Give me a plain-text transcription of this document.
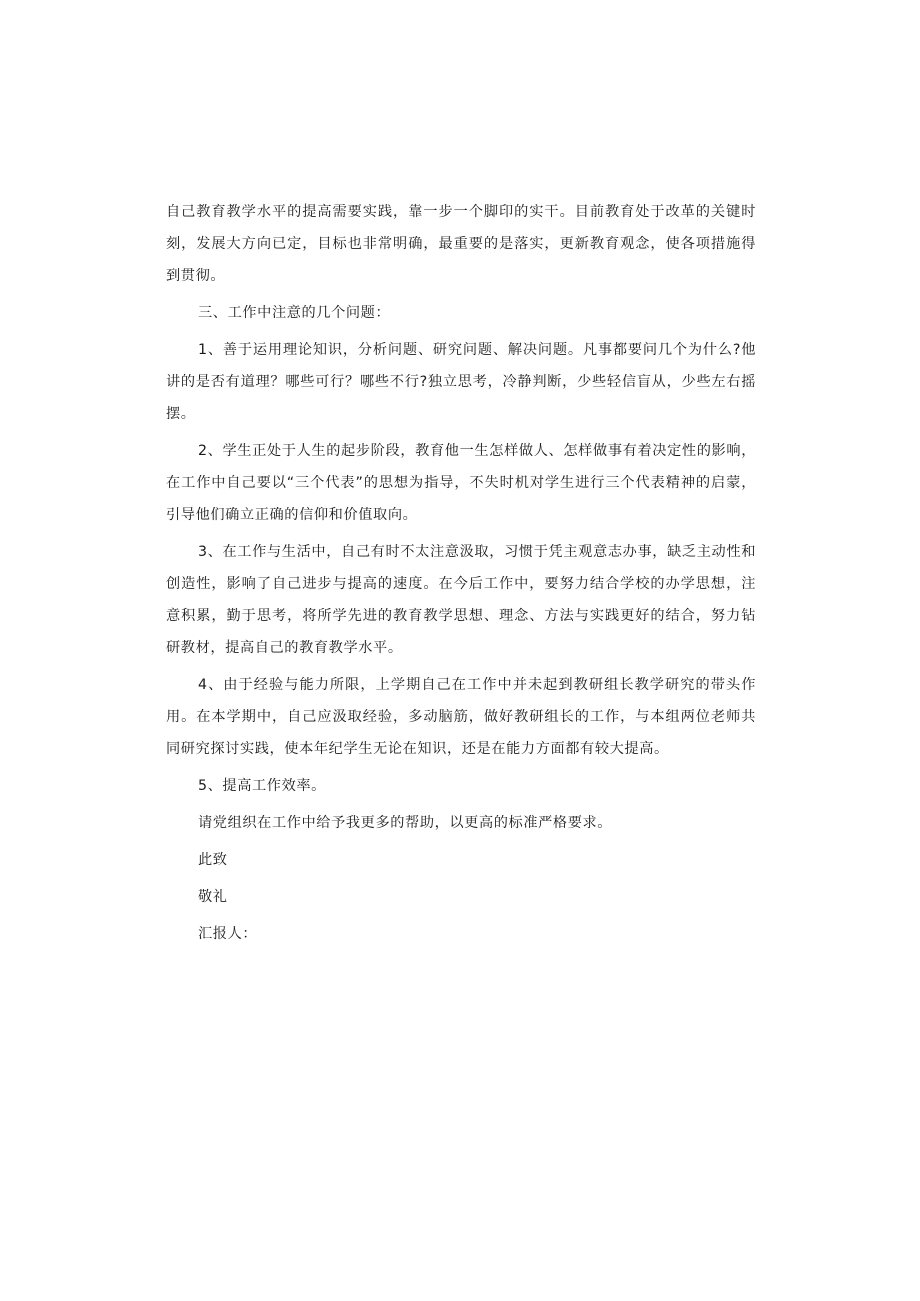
自己教育教学水平的提高需要实践，靠一步一个脚印的实干。目前教育处于改革的关键时刻，发展大方向已定，目标也非常明确，最重要的是落实，更新教育观念，使各项措施得到贯彻。

三、工作中注意的几个问题：

1、善于运用理论知识，分析问题、研究问题、解决问题。凡事都要问几个为什么?他讲的是否有道理？哪些可行？哪些不行?独立思考，冷静判断，少些轻信盲从，少些左右摇摆。

2、学生正处于人生的起步阶段，教育他一生怎样做人、怎样做事有着决定性的影响，在工作中自己要以“三个代表”的思想为指导，不失时机对学生进行三个代表精神的启蒙，引导他们确立正确的信仰和价值取向。

3、在工作与生活中，自己有时不太注意汲取，习惯于凭主观意志办事，缺乏主动性和创造性，影响了自己进步与提高的速度。在今后工作中，要努力结合学校的办学思想，注意积累，勤于思考，将所学先进的教育教学思想、理念、方法与实践更好的结合，努力钻研教材，提高自己的教育教学水平。

4、由于经验与能力所限，上学期自己在工作中并未起到教研组长教学研究的带头作用。在本学期中，自己应汲取经验，多动脑筋，做好教研组长的工作，与本组两位老师共同研究探讨实践，使本年纪学生无论在知识，还是在能力方面都有较大提高。

5、提高工作效率。

请党组织在工作中给予我更多的帮助，以更高的标准严格要求。

此致

敬礼

汇报人：
